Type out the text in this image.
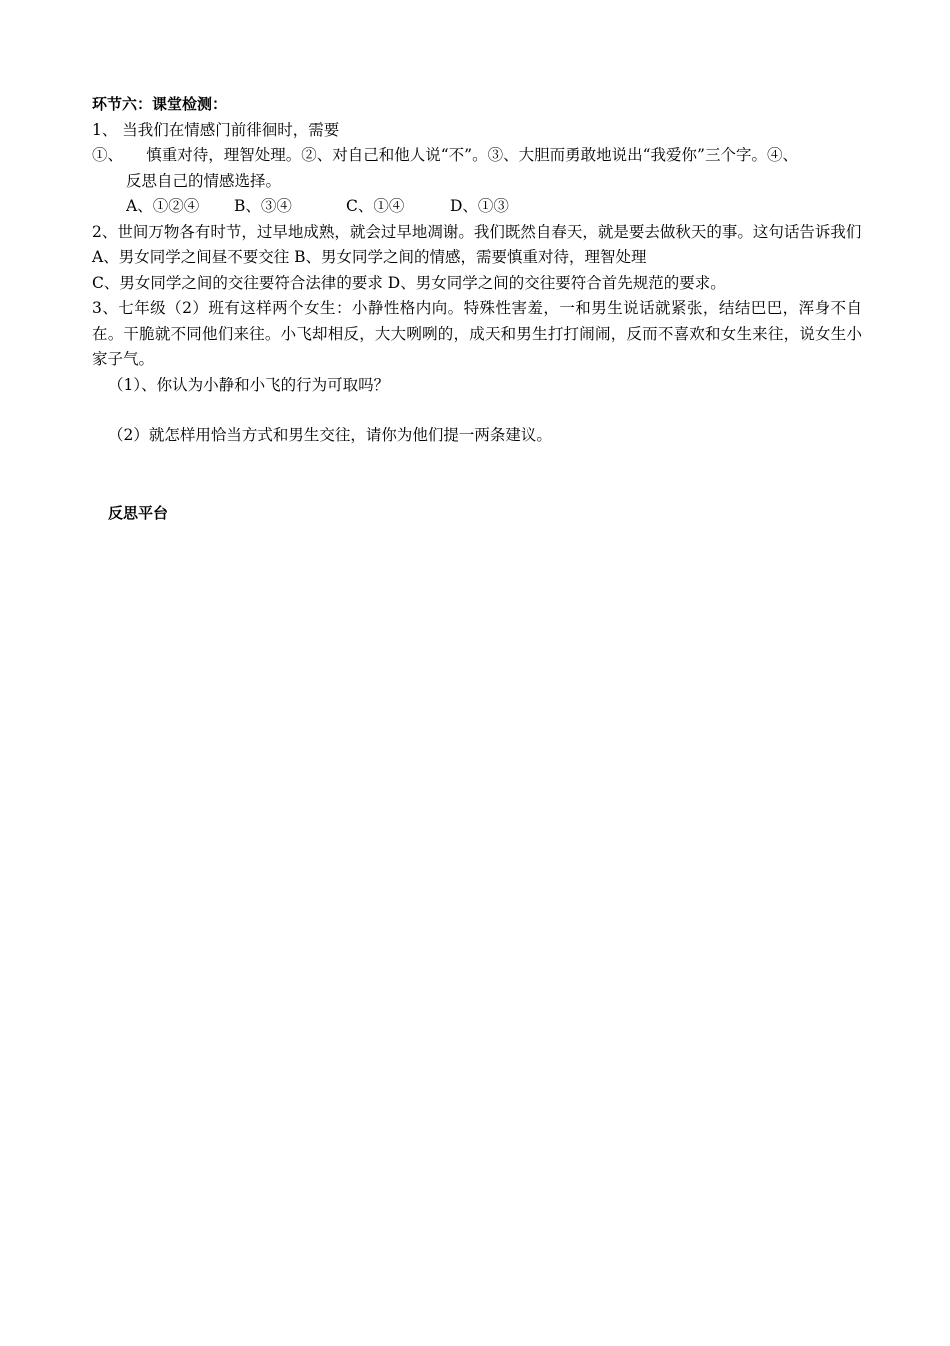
环节六：课堂检测：

1、 当我们在情感门前徘徊时，需要

①、　　慎重对待，理智处理。②、对自己和他人说“不”。③、大胆而勇敢地说出“我爱你”三个字。④、

反思自己的情感选择。

A、①②④ B、③④	C、①④	D、①③

2、世间万物各有时节，过早地成熟，就会过早地凋谢。我们既然自春天，就是要去做秋天的事。这句话告诉我们

A、男女同学之间昼不要交往 B、男女同学之间的情感，需要慎重对待，理智处理

C、男女同学之间的交往要符合法律的要求 D、男女同学之间的交往要符合首先规范的要求。

3、七年级（2）班有这样两个女生：小静性格内向。特殊性害羞，一和男生说话就紧张，结结巴巴，浑身不自在。干脆就不同他们来往。小飞却相反，大大咧咧的，成天和男生打打闹闹，反而不喜欢和女生来往，说女生小家子气。

（1）、你认为小静和小飞的行为可取吗？

（2）就怎样用恰当方式和男生交往，请你为他们提一两条建议。

反思平台
